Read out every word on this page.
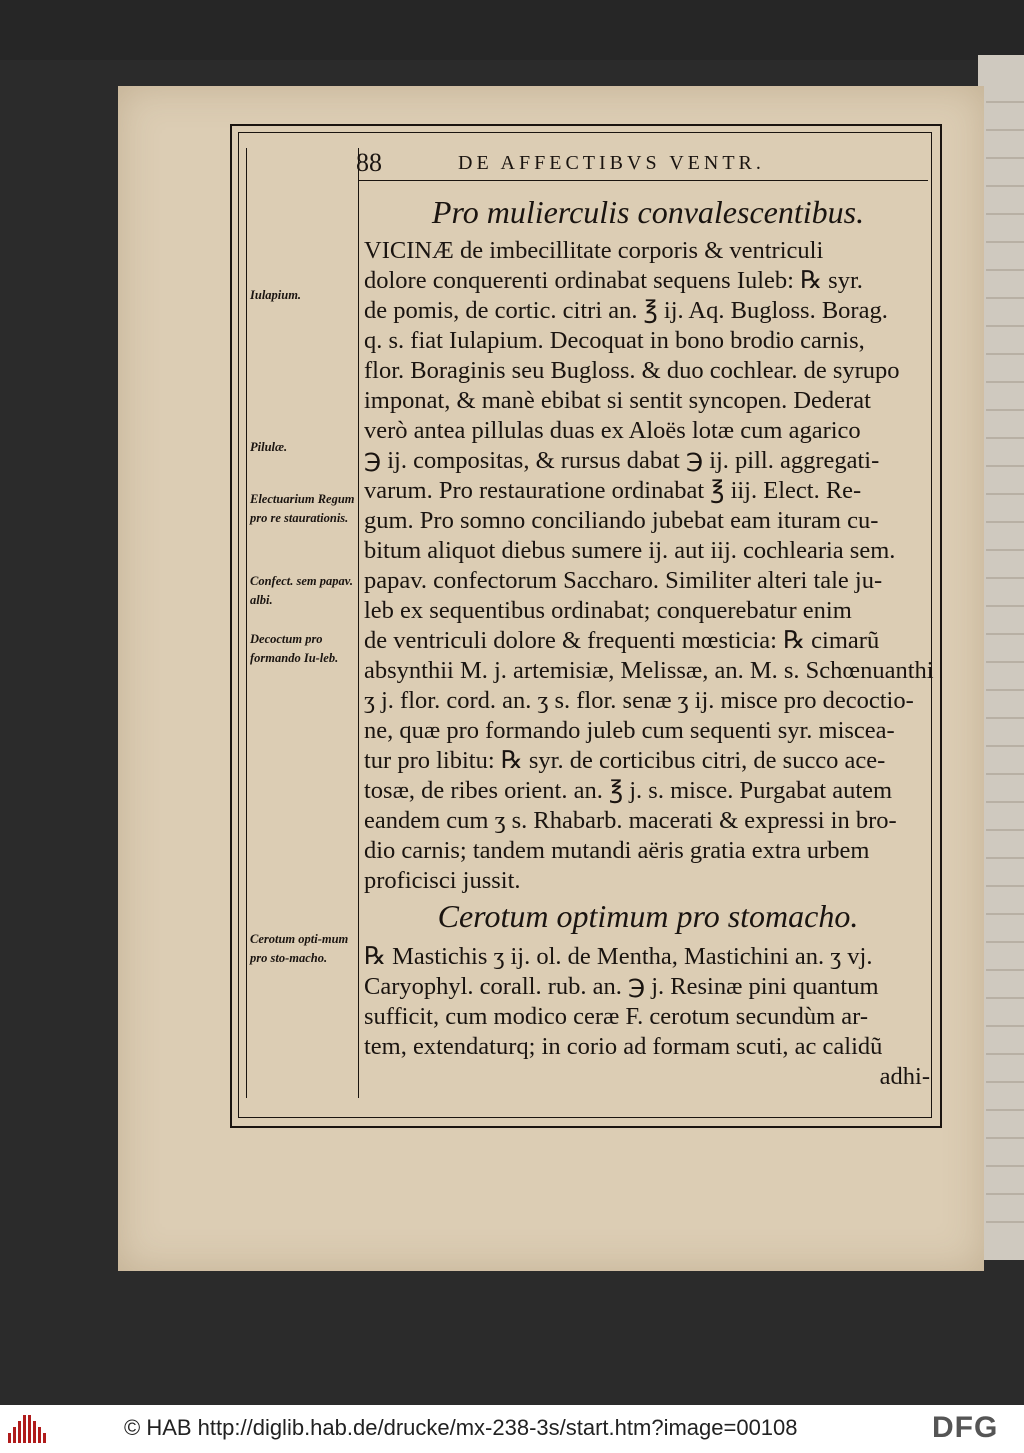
88	DE AFFECTIBVS VENTR.
Pro mulierculis convalescentibus.
VICINÆ de imbecillitate corporis & ventriculi
dolore conquerenti ordinabat sequens Iuleb: ℞ syr.
de pomis, de cortic. citri an. ℥ ij. Aq. Bugloss. Borag.
q. s. fiat Iulapium. Decoquat in bono brodio carnis,
flor. Boraginis seu Bugloss. & duo cochlear. de syrupo
imponat, & manè ebibat si sentit syncopen. Dederat
verò antea pillulas duas ex Aloës lotæ cum agarico
℈ ij. compositas, & rursus dabat ℈ ij. pill. aggregati-
varum. Pro restauratione ordinabat ℥ iij. Elect. Re-
gum. Pro somno conciliando jubebat eam ituram cu-
bitum aliquot diebus sumere ij. aut iij. cochlearia sem.
papav. confectorum Saccharo. Similiter alteri tale ju-
leb ex sequentibus ordinabat; conquerebatur enim
de ventriculi dolore & frequenti mœsticia: ℞ cimarũ
absynthii M. j. artemisiæ, Melissæ, an. M. s. Schœnuanthi
ʒ j. flor. cord. an. ʒ s. flor. senæ ʒ ij. misce pro decoctio-
ne, quæ pro formando juleb cum sequenti syr. miscea-
tur pro libitu: ℞ syr. de corticibus citri, de succo ace-
tosæ, de ribes orient. an. ℥ j. s. misce. Purgabat autem
eandem cum ʒ s. Rhabarb. macerati & expressi in bro-
dio carnis; tandem mutandi aëris gratia extra urbem
proficisci jussit.
Cerotum optimum pro stomacho.
℞ Mastichis ʒ ij. ol. de Mentha, Mastichini an. ʒ vj.
Caryophyl. corall. rub. an. ℈ j. Resinæ pini quantum
sufficit, cum modico ceræ F. cerotum secundùm ar-
tem, extendaturq; in corio ad formam scuti, ac calidũ
adhi-
Iulapium.
Pilulæ.
Electuarium Regum pro re staurationis.
Confect. sem papav. albi.
Decoctum pro formando Iu-leb.
Cerotum opti-mum pro sto-macho.
© HAB http://diglib.hab.de/drucke/mx-238-3s/start.htm?image=00108	DFG
